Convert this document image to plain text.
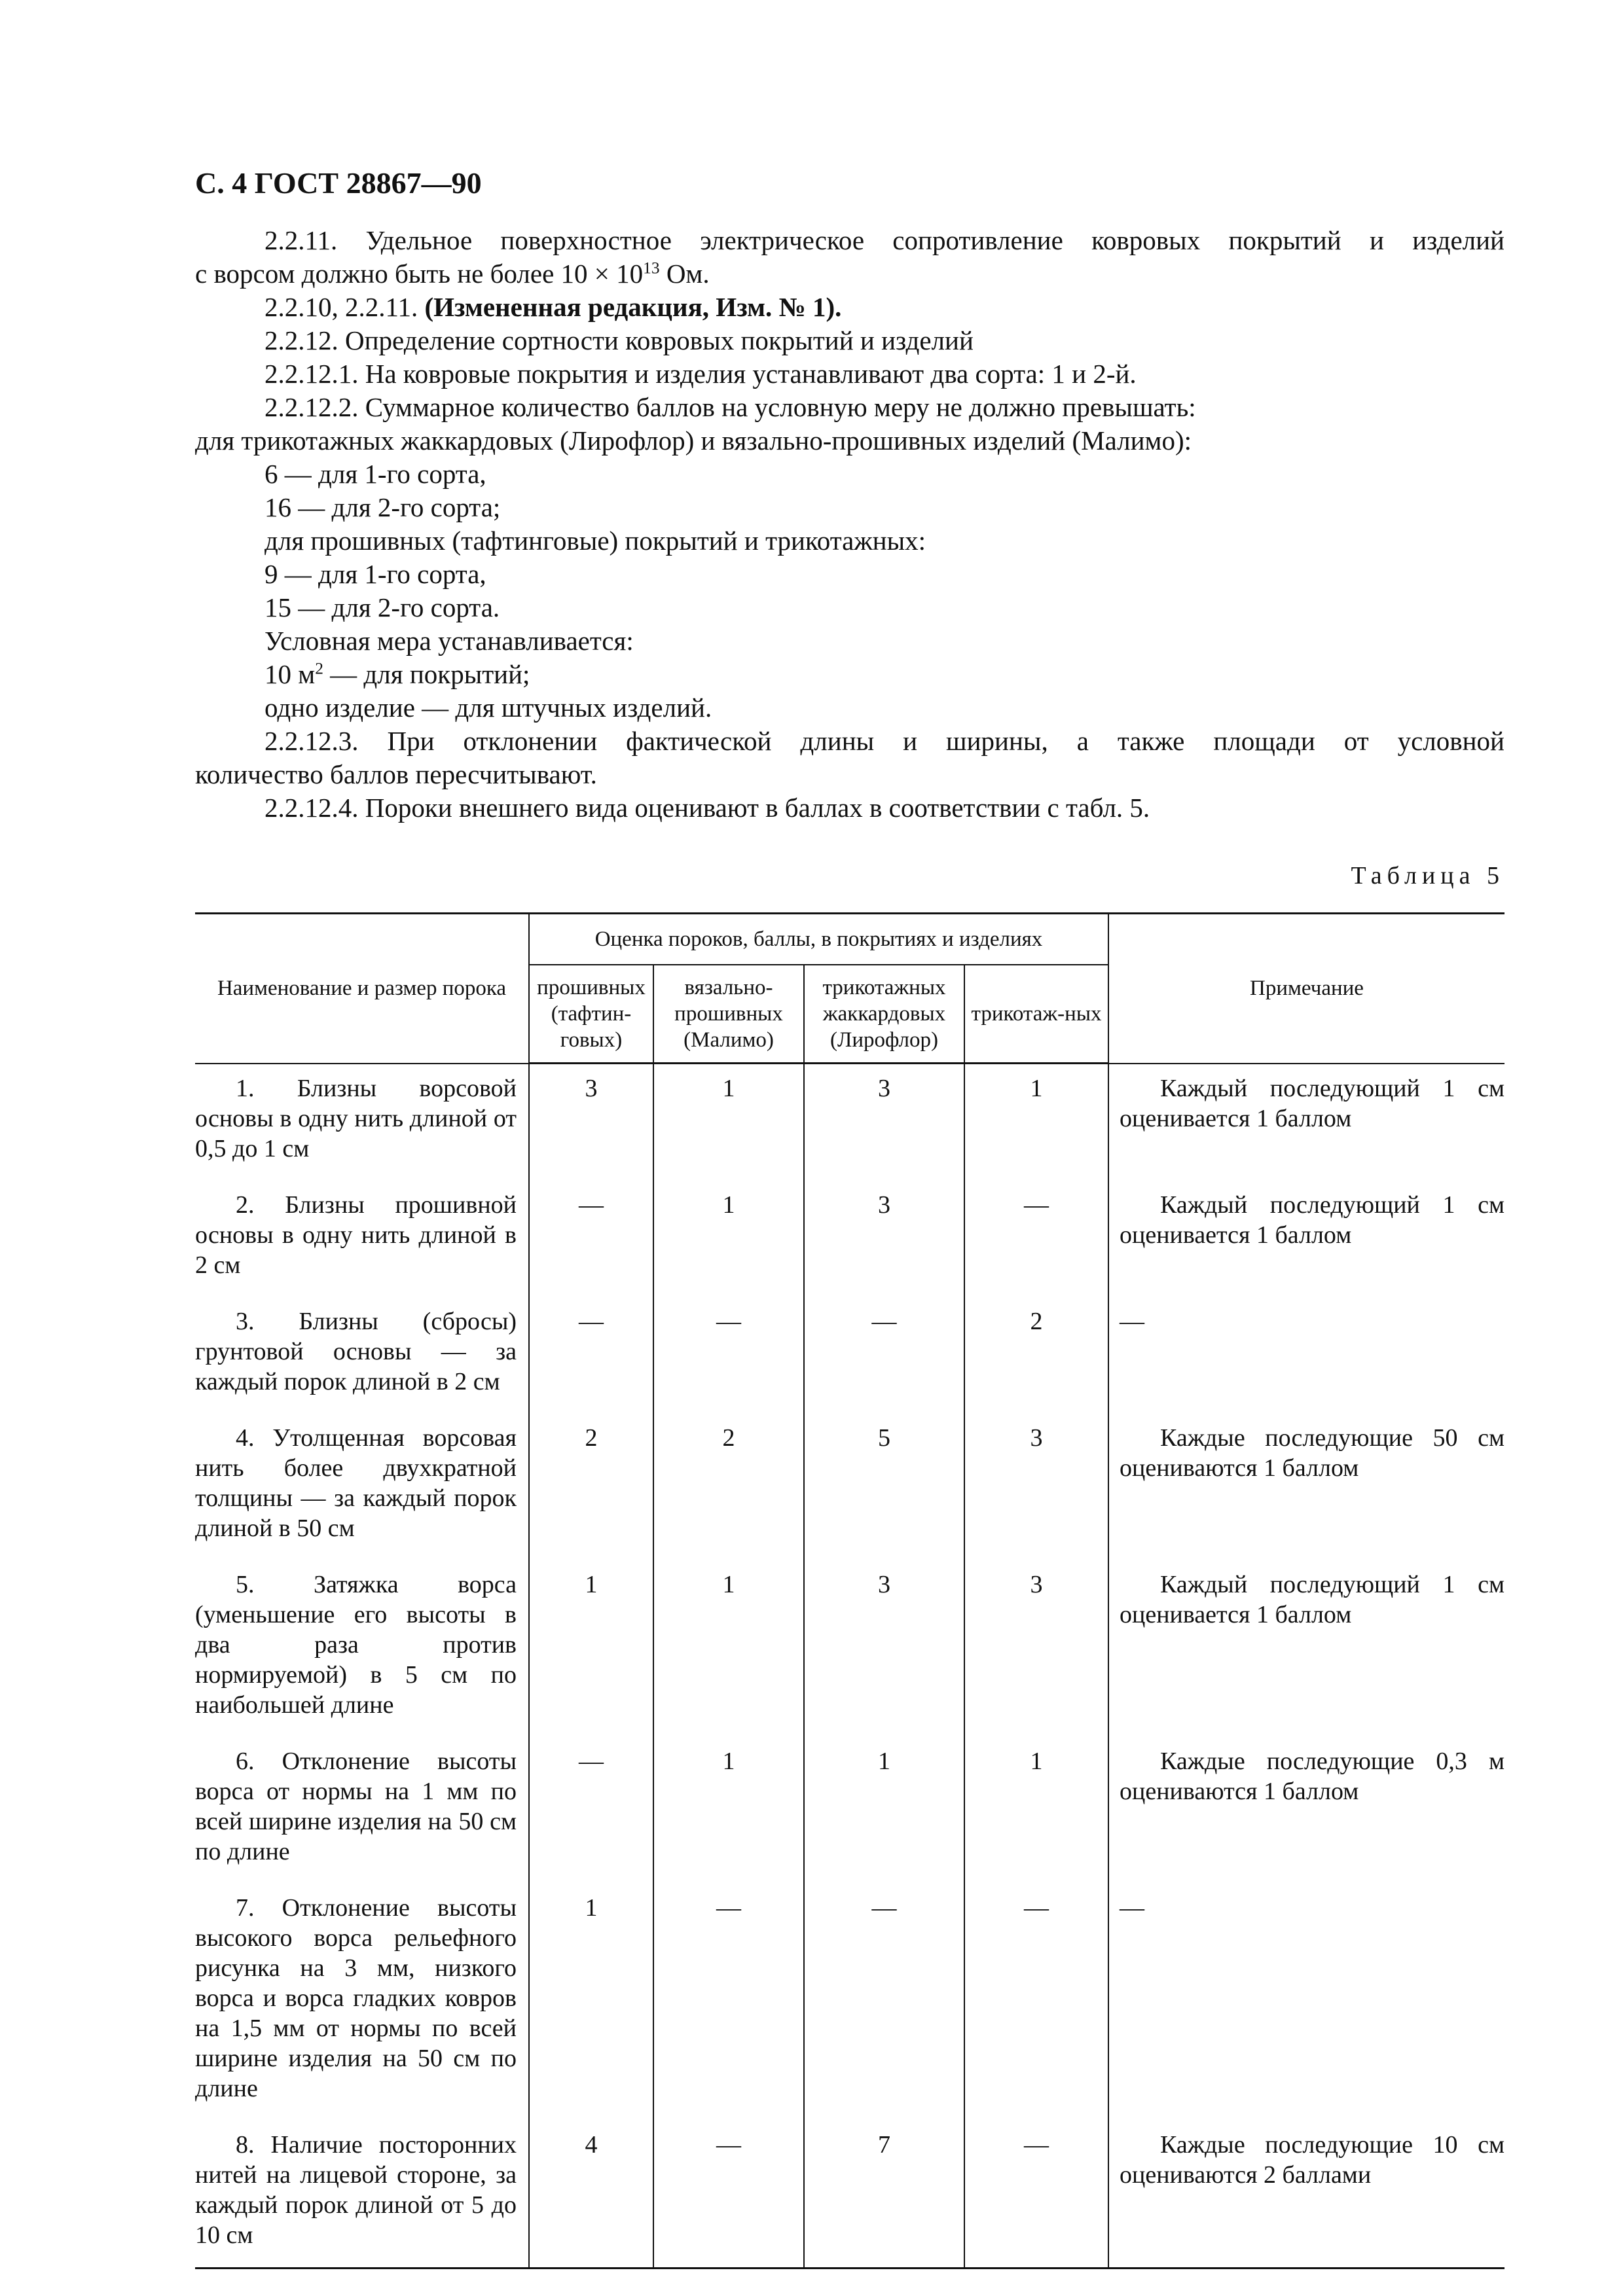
С. 4 ГОСТ 28867—90

2.2.11. Удельное поверхностное электрическое сопротивление ковровых покрытий и изделий

с ворсом должно быть не более $10 \times 10^{13}$ Ом.

2.2.10, 2.2.11. (Измененная редакция, Изм. № 1).

2.2.12. Определение сортности ковровых покрытий и изделий

2.2.12.1. На ковровые покрытия и изделия устанавливают два сорта: 1 и 2-й.

2.2.12.2. Суммарное количество баллов на условную меру не должно превышать:

для трикотажных жаккардовых (Лирофлор) и вязально-прошивных изделий (Малимо):

6 — для 1-го сорта,

16 — для 2-го сорта;

для прошивных (тафтинговые) покрытий и трикотажных:

9 — для 1-го сорта,

15 — для 2-го сорта.

Условная мера устанавливается:

10 $м^2$ — для покрытий;

одно изделие — для штучных изделий.

2.2.12.3. При отклонении фактической длины и ширины, а также площади от условной

количество баллов пересчитывают.

2.2.12.4. Пороки внешнего вида оценивают в баллах в соответствии с табл. 5.

Таблица 5
Наименование и размер порока	Оценка пороков, баллы, в покрытиях и изделиях				Примечание
	прошивных (тафтин-говых)	вязально-прошивных (Малимо)	трикотажных жаккардовых (Лирофлор)	трикотаж-ных	

1. Близны ворсовой основы в одну нить длиной от 0,5 до 1 см	3	1	3	1	Каждый последующий 1 см оценивается 1 баллом

2. Близны прошивной основы в одну нить длиной в 2 см	—	1	3	—	Каждый последующий 1 см оценивается 1 баллом

3. Близны (сбросы) грунтовой основы — за каждый порок длиной в 2 см	—	—	—	2	—

4. Утолщенная ворсовая нить более двухкратной толщины — за каждый порок длиной в 50 см	2	2	5	3	Каждые последующие 50 см оцениваются 1 баллом

5. Затяжка ворса (уменьшение его высоты в два раза против нормируемой) в 5 см по наибольшей длине	1	1	3	3	Каждый последующий 1 см оценивается 1 баллом

6. Отклонение высоты ворса от нормы на 1 мм по всей ширине изделия на 50 см по длине	—	1	1	1	Каждые последующие 0,3 м оцениваются 1 баллом

7. Отклонение высоты высокого ворса рельефного рисунка на 3 мм, низкого ворса и ворса гладких ковров на 1,5 мм от нормы по всей ширине изделия на 50 см по длине	1	—	—	—	—

8. Наличие посторонних нитей на лицевой стороне, за каждый порок длиной от 5 до 10 см	4	—	7	—	Каждые последующие 10 см оцениваются 2 баллами
